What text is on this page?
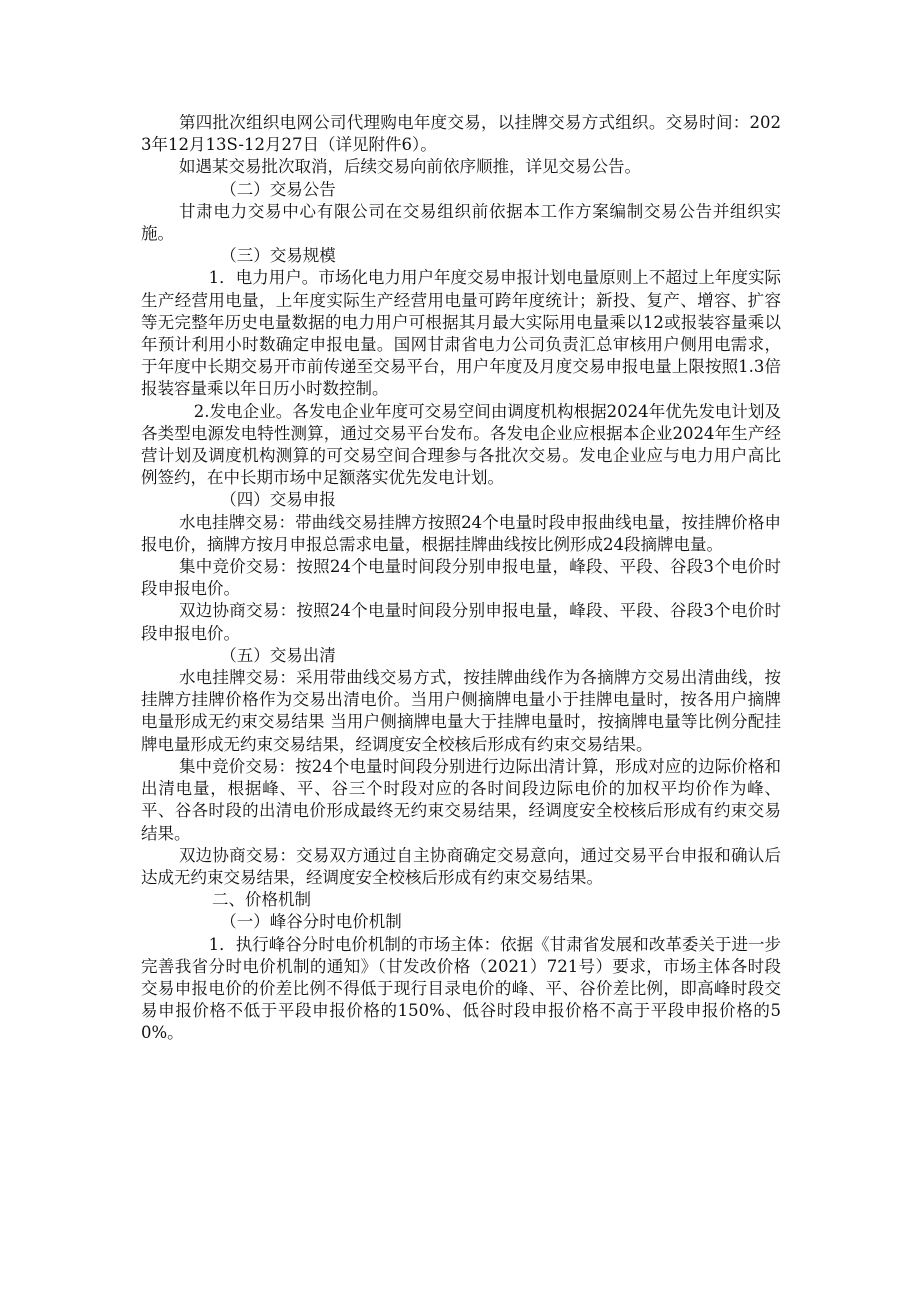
第四批次组织电网公司代理购电年度交易，以挂牌交易方式组织。交易时间：2023年12月13S-12月27日（详见附件6）。

如遇某交易批次取消，后续交易向前依序顺推，详见交易公告。

（二）交易公告

甘肃电力交易中心有限公司在交易组织前依据本工作方案编制交易公告并组织实施。

（三）交易规模

1．电力用户。市场化电力用户年度交易申报计划电量原则上不超过上年度实际生产经营用电量，上年度实际生产经营用电量可跨年度统计；新投、复产、增容、扩容等无完整年历史电量数据的电力用户可根据其月最大实际用电量乘以12或报装容量乘以年预计利用小时数确定申报电量。国网甘肃省电力公司负责汇总审核用户侧用电需求，于年度中长期交易开市前传递至交易平台，用户年度及月度交易申报电量上限按照1.3倍报装容量乘以年日历小时数控制。

2.发电企业。各发电企业年度可交易空间由调度机构根据2024年优先发电计划及各类型电源发电特性测算，通过交易平台发布。各发电企业应根据本企业2024年生产经营计划及调度机构测算的可交易空间合理参与各批次交易。发电企业应与电力用户高比例签约，在中长期市场中足额落实优先发电计划。

（四）交易申报

水电挂牌交易：带曲线交易挂牌方按照24个电量时段申报曲线电量，按挂牌价格申报电价，摘牌方按月申报总需求电量，根据挂牌曲线按比例形成24段摘牌电量。

集中竞价交易：按照24个电量时间段分别申报电量，峰段、平段、谷段3个电价时段申报电价。

双边协商交易：按照24个电量时间段分别申报电量，峰段、平段、谷段3个电价时段申报电价。

（五）交易出清

水电挂牌交易：采用带曲线交易方式，按挂牌曲线作为各摘牌方交易出清曲线，按挂牌方挂牌价格作为交易出清电价。当用户侧摘牌电量小于挂牌电量时，按各用户摘牌电量形成无约束交易结果 当用户侧摘牌电量大于挂牌电量时，按摘牌电量等比例分配挂牌电量形成无约束交易结果，经调度安全校核后形成有约束交易结果。

集中竞价交易：按24个电量时间段分别进行边际出清计算，形成对应的边际价格和出清电量，根据峰、平、谷三个时段对应的各时间段边际电价的加权平均价作为峰、平、谷各时段的出清电价形成最终无约束交易结果，经调度安全校核后形成有约束交易结果。

双边协商交易：交易双方通过自主协商确定交易意向，通过交易平台申报和确认后达成无约束交易结果，经调度安全校核后形成有约束交易结果。

二、价格机制

（一）峰谷分时电价机制

1．执行峰谷分时电价机制的市场主体：依据《甘肃省发展和改革委关于进一步完善我省分时电价机制的通知》（甘发改价格（2021）721号）要求，市场主体各时段交易申报电价的价差比例不得低于现行目录电价的峰、平、谷价差比例，即高峰时段交易申报价格不低于平段申报价格的150%、低谷时段申报价格不高于平段申报价格的50%。
